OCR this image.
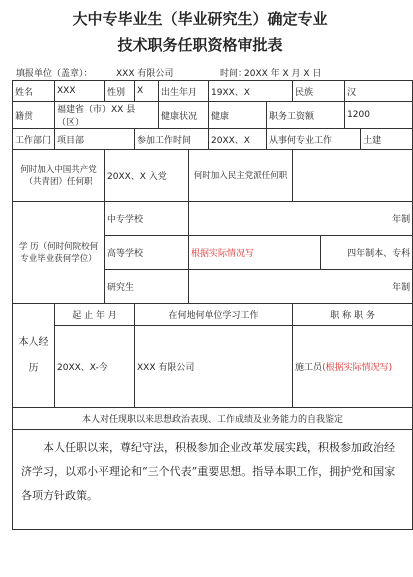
大中专毕业生（毕业研究生）确定专业
技术职务任职资格审批表
填报单位（盖章）：	XXX 有限公司	时间：
20XX 年 X 月 X 日
姓名	XXX	性别	X	出生年月		19XX、X		民族		汉	
籍贯	福建省（市）XX 县（区）			健康状况		健康	职务工资额			1200	
工作部门	项目部		参加工作时间			20XX、X	从事何专业工作				土建
何时加入中国共产党（共青团）任何职		20XX、X 入党			何时加入民主党派任何职						
学 历（何时何院校何专业毕业获何学位）		中专学校			年制						
		高等学校			根据实际情况写				四年制本、专科		
		研究生			年制						
本人经历	起 止 年 月		在何地何单位学习工作					职 称 职 务			
	20XX、X-今		XXX 有限公司					施工员(根据实际情况写)			
本人对任现职以来思想政治表现、工作成绩及业务能力的自我鉴定											
本人任职以来，尊纪守法，积极参加企业改革发展实践，积极参加政治经济学习，以邓小平理论和“三个代表”重要思想。指导本职工作，拥护党和国家各项方针政策。											
